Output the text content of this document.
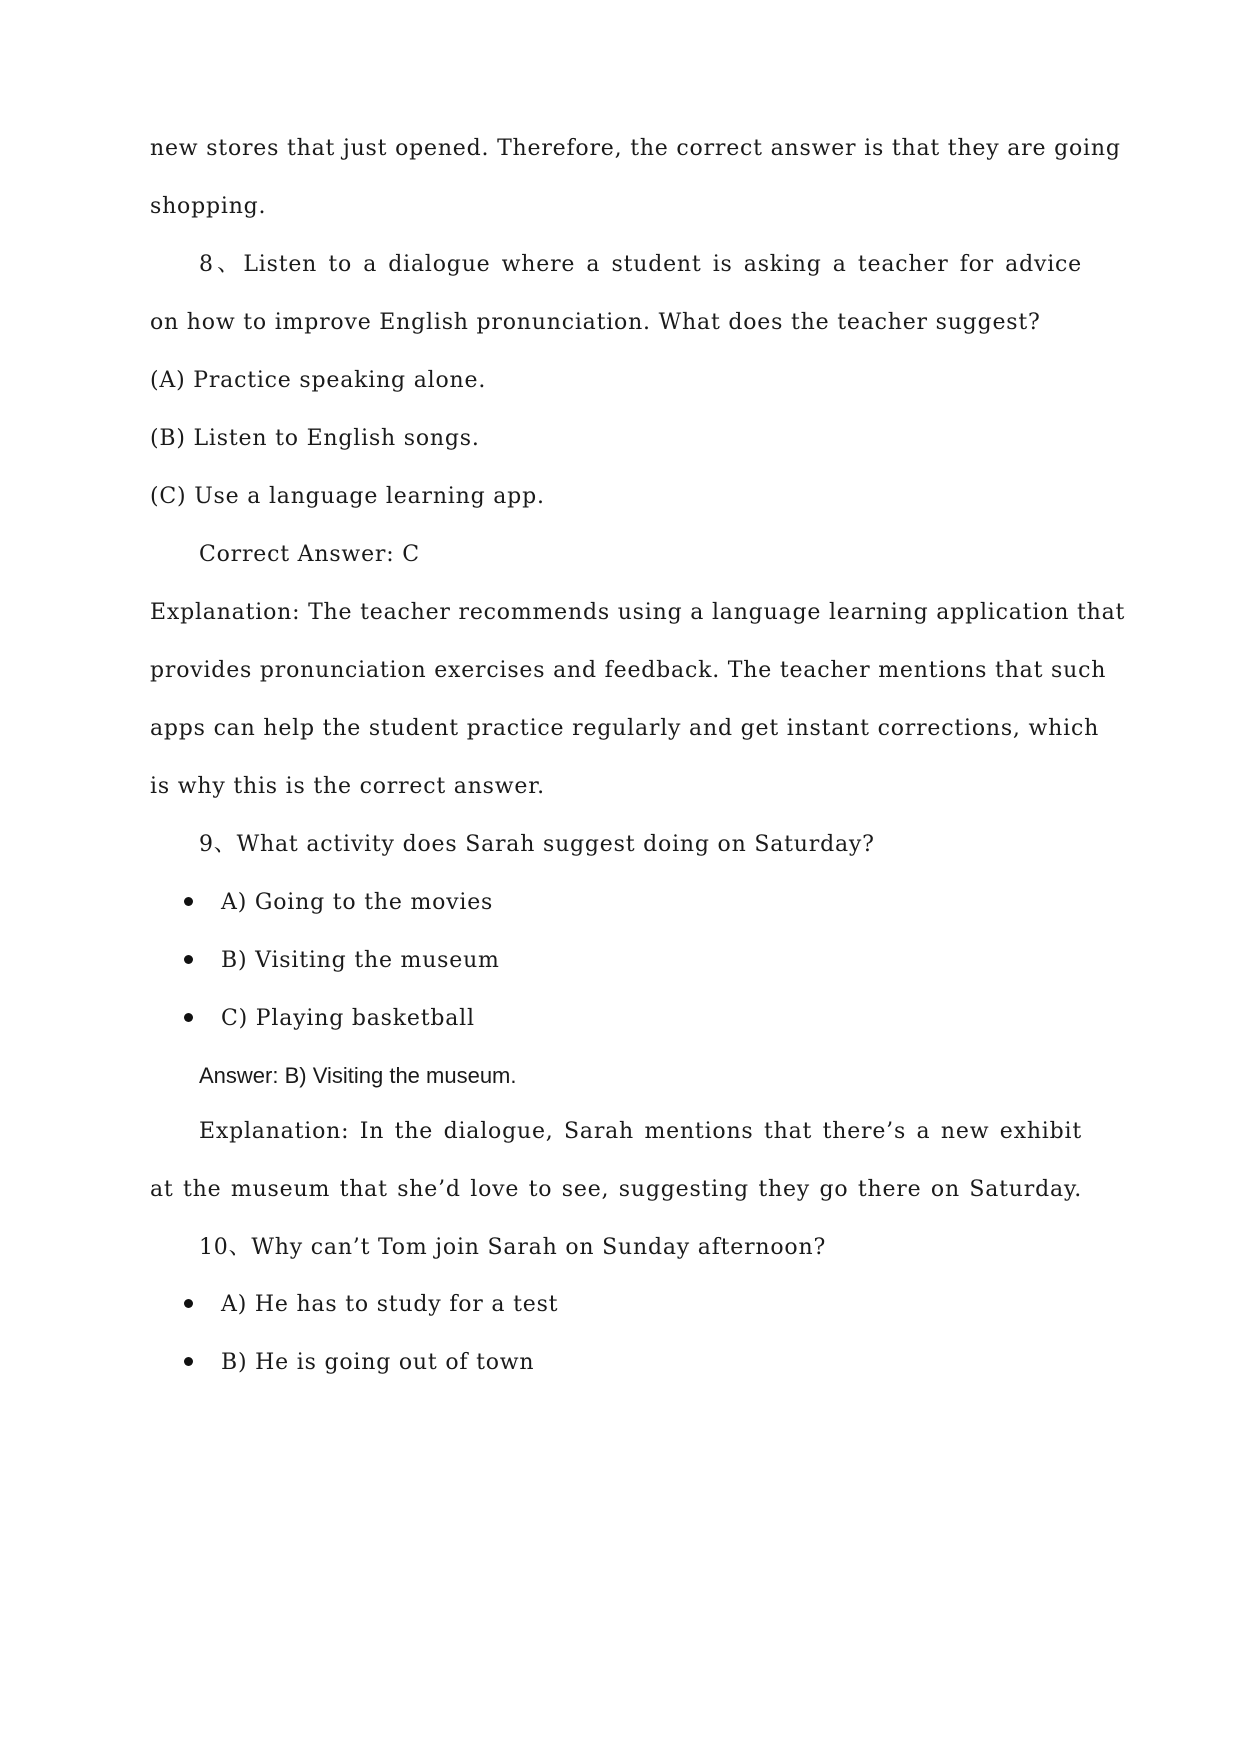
new stores that just opened. Therefore, the correct answer is that they are going
shopping.
8、Listen to a dialogue where a student is asking a teacher for advice
on how to improve English pronunciation. What does the teacher suggest?
(A) Practice speaking alone.
(B) Listen to English songs.
(C) Use a language learning app.
Correct Answer: C
Explanation: The teacher recommends using a language learning application that
provides pronunciation exercises and feedback. The teacher mentions that such
apps can help the student practice regularly and get instant corrections, which
is why this is the correct answer.
9、What activity does Sarah suggest doing on Saturday?
A) Going to the movies
B) Visiting the museum
C) Playing basketball
Answer: B) Visiting the museum.
Explanation: In the dialogue, Sarah mentions that there’s a new exhibit
at the museum that she’d love to see, suggesting they go there on Saturday.
10、Why can’t Tom join Sarah on Sunday afternoon?
A) He has to study for a test
B) He is going out of town
